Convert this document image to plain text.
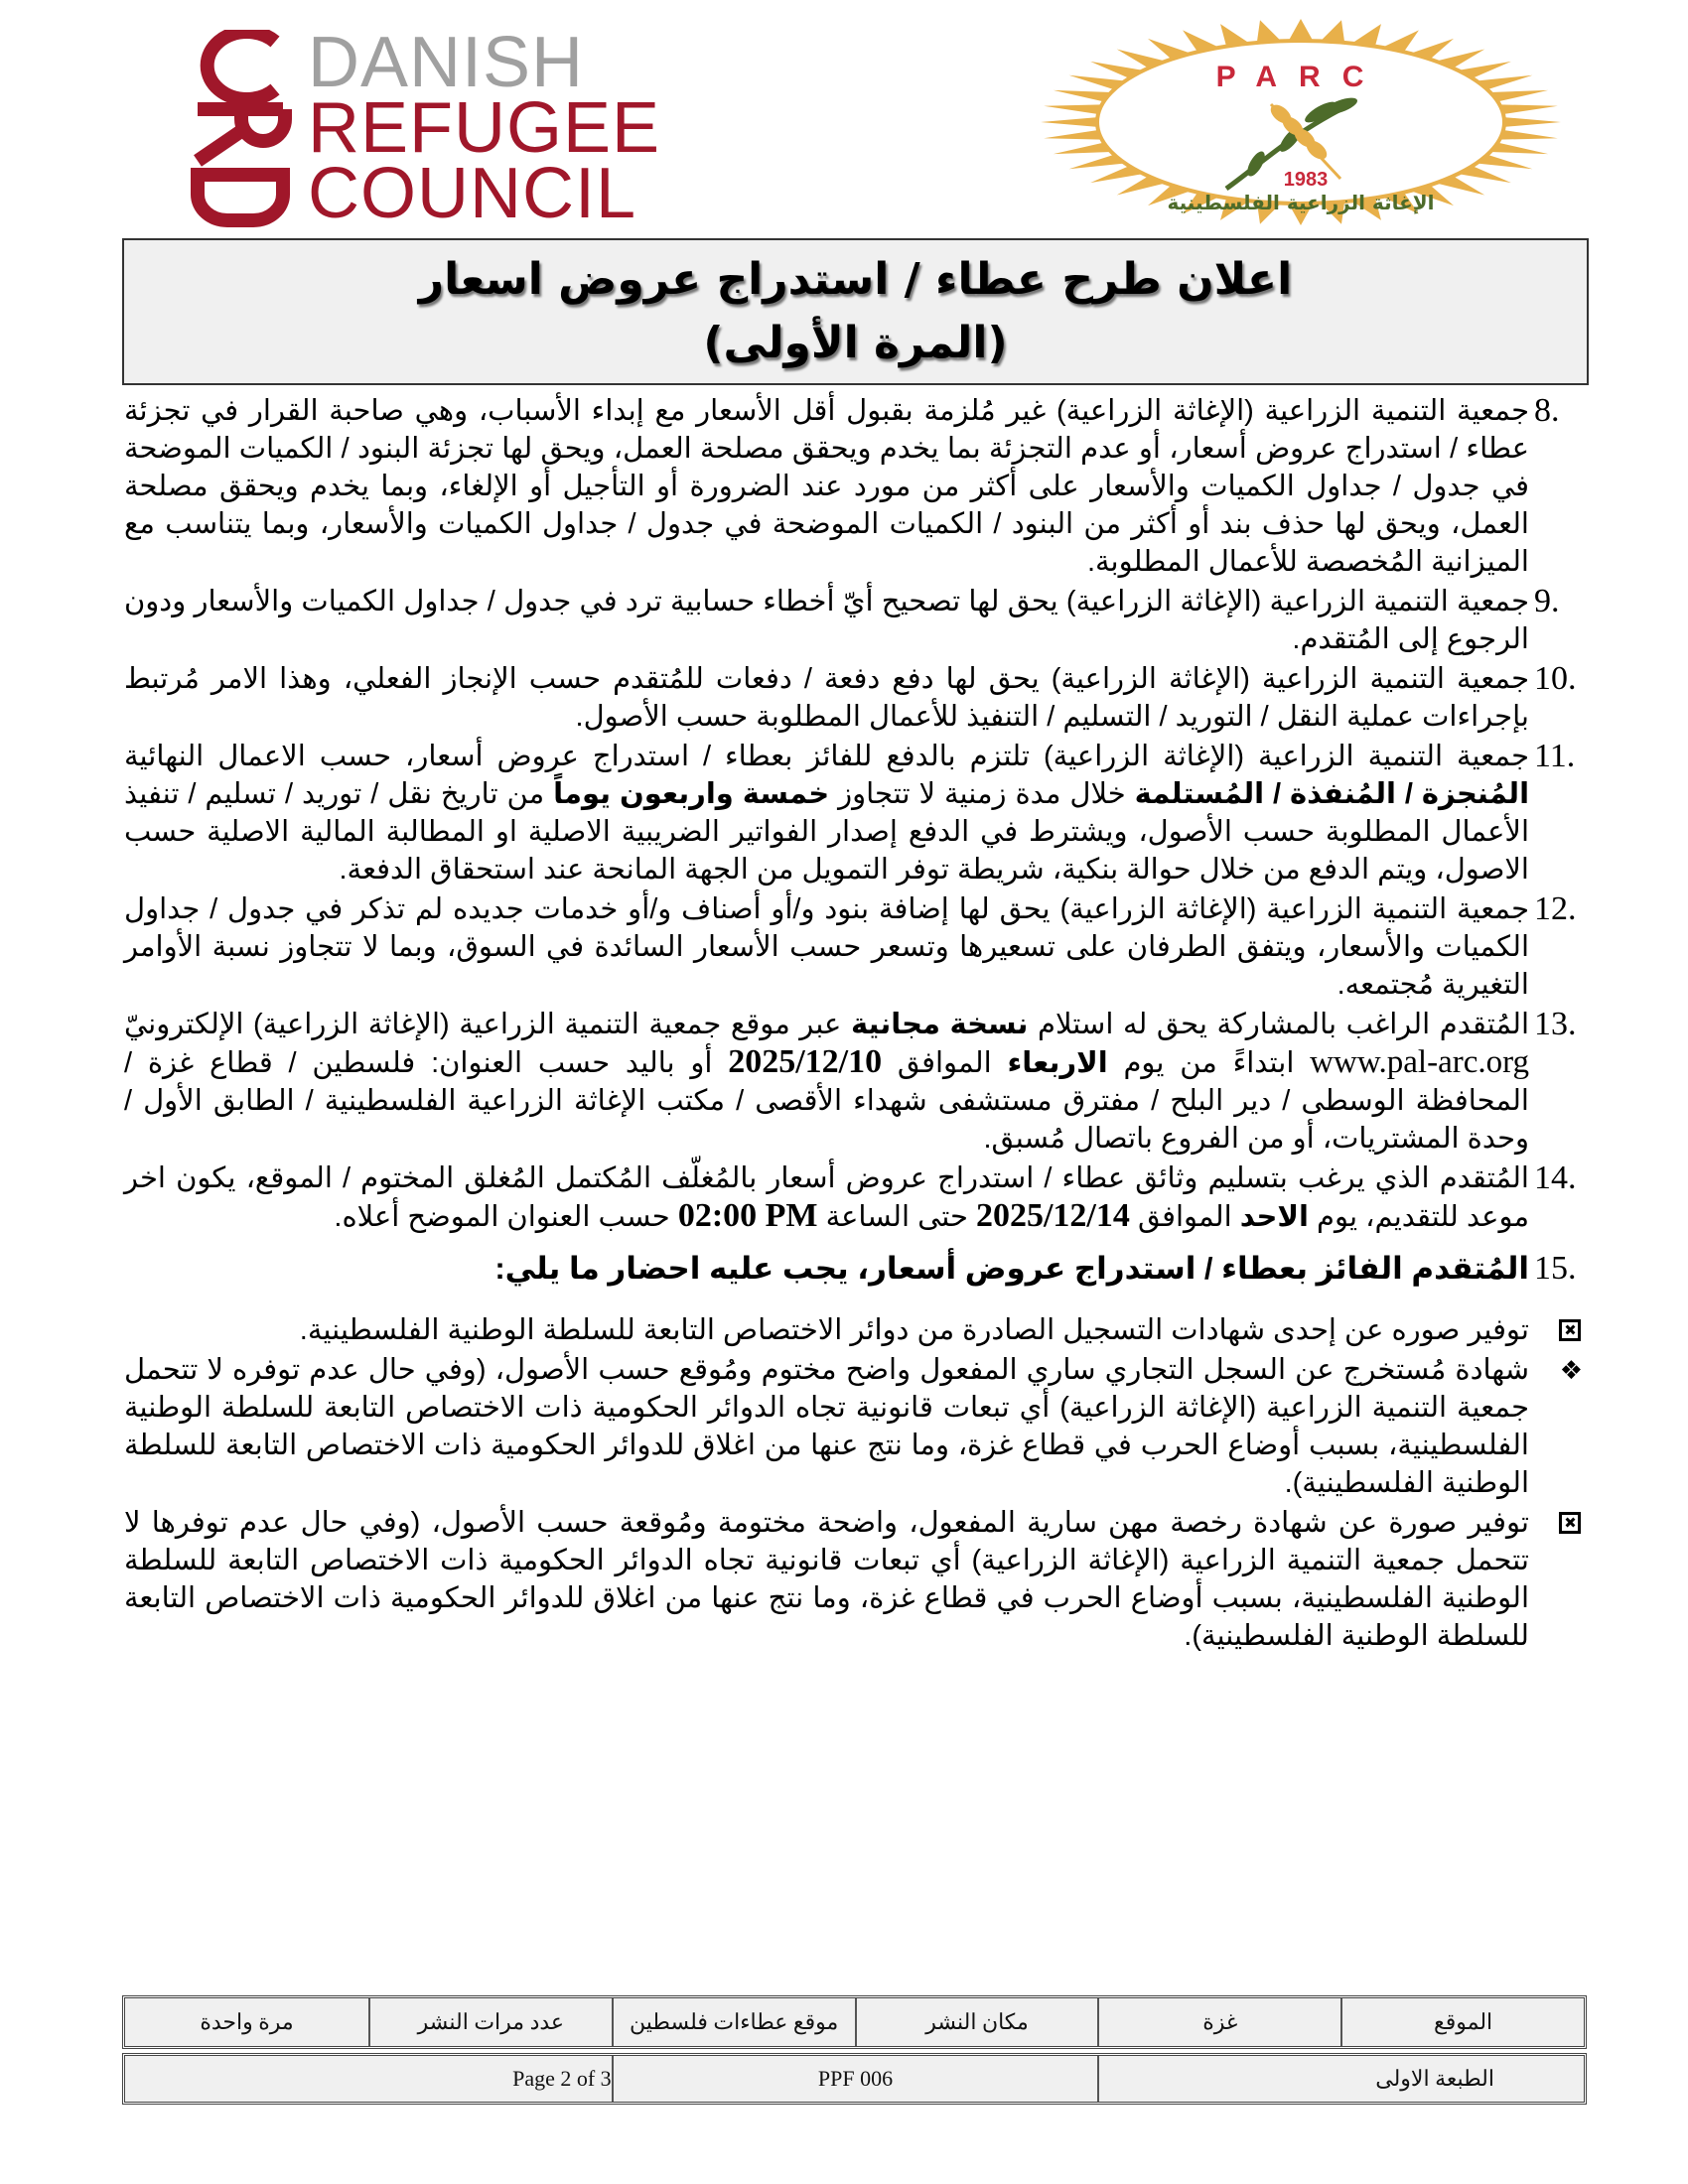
DANISH
REFUGEE
COUNCIL
PARC
1983
الإغاثة الزراعية الفلسطينية
اعلان طرح عطاء / استدراج عروض اسعار
(المرة الأولى)
8.
جمعية التنمية الزراعية (الإغاثة الزراعية) غير مُلزمة بقبول أقل الأسعار مع إبداء الأسباب، وهي صاحبة القرار في تجزئة عطاء / استدراج عروض أسعار، أو عدم التجزئة بما يخدم ويحقق مصلحة العمل، ويحق لها تجزئة البنود / الكميات الموضحة في جدول / جداول الكميات والأسعار على أكثر من مورد عند الضرورة أو التأجيل أو الإلغاء، وبما يخدم ويحقق مصلحة العمل، ويحق لها حذف بند أو أكثر من البنود / الكميات الموضحة في جدول / جداول الكميات والأسعار، وبما يتناسب مع الميزانية المُخصصة للأعمال المطلوبة.
9.
جمعية التنمية الزراعية (الإغاثة الزراعية) يحق لها تصحيح أيّ أخطاء حسابية ترد في جدول / جداول الكميات والأسعار ودون الرجوع إلى المُتقدم.
10.
جمعية التنمية الزراعية (الإغاثة الزراعية) يحق لها دفع دفعة / دفعات للمُتقدم حسب الإنجاز الفعلي، وهذا الامر مُرتبط بإجراءات عملية النقل / التوريد / التسليم / التنفيذ للأعمال المطلوبة حسب الأصول.
11.
جمعية التنمية الزراعية (الإغاثة الزراعية) تلتزم بالدفع للفائز بعطاء / استدراج عروض أسعار، حسب الاعمال النهائية المُنجزة / المُنفذة / المُستلمة خلال مدة زمنية لا تتجاوز خمسة واربعون يوماً من تاريخ نقل / توريد / تسليم / تنفيذ الأعمال المطلوبة حسب الأصول، ويشترط في الدفع إصدار الفواتير الضريبية الاصلية او المطالبة المالية الاصلية حسب الاصول، ويتم الدفع من خلال حوالة بنكية، شريطة توفر التمويل من الجهة المانحة عند استحقاق الدفعة.
12.
جمعية التنمية الزراعية (الإغاثة الزراعية) يحق لها إضافة بنود و/أو أصناف و/أو خدمات جديده لم تذكر في جدول / جداول الكميات والأسعار، ويتفق الطرفان على تسعيرها وتسعر حسب الأسعار السائدة في السوق، وبما لا تتجاوز نسبة الأوامر التغيرية مُجتمعه.
13.
المُتقدم الراغب بالمشاركة يحق له استلام نسخة مجانية عبر موقع جمعية التنمية الزراعية (الإغاثة الزراعية) الإلكترونيّ www.pal-arc.org ابتداءً من يوم الاربعاء الموافق 2025/12/10 أو باليد حسب العنوان: فلسطين / قطاع غزة / المحافظة الوسطى / دير البلح / مفترق مستشفى شهداء الأقصى / مكتب الإغاثة الزراعية الفلسطينية / الطابق الأول / وحدة المشتريات، أو من الفروع باتصال مُسبق.
14.
المُتقدم الذي يرغب بتسليم وثائق عطاء / استدراج عروض أسعار بالمُغلّف المُكتمل المُغلق المختوم / الموقع، يكون اخر موعد للتقديم، يوم الاحد الموافق 2025/12/14 حتى الساعة 02:00 PM حسب العنوان الموضح أعلاه.
15.
المُتقدم الفائز بعطاء / استدراج عروض أسعار، يجب عليه احضار ما يلي:
توفير صوره عن إحدى شهادات التسجيل الصادرة من دوائر الاختصاص التابعة للسلطة الوطنية الفلسطينية.
❖
شهادة مُستخرج عن السجل التجاري ساري المفعول واضح مختوم ومُوقع حسب الأصول، (وفي حال عدم توفره لا تتحمل جمعية التنمية الزراعية (الإغاثة الزراعية) أي تبعات قانونية تجاه الدوائر الحكومية ذات الاختصاص التابعة للسلطة الوطنية الفلسطينية، بسبب أوضاع الحرب في قطاع غزة، وما نتج عنها من اغلاق للدوائر الحكومية ذات الاختصاص التابعة للسلطة الوطنية الفلسطينية).
توفير صورة عن شهادة رخصة مهن سارية المفعول، واضحة مختومة ومُوقعة حسب الأصول، (وفي حال عدم توفرها لا تتحمل جمعية التنمية الزراعية (الإغاثة الزراعية) أي تبعات قانونية تجاه الدوائر الحكومية ذات الاختصاص التابعة للسلطة الوطنية الفلسطينية، بسبب أوضاع الحرب في قطاع غزة، وما نتج عنها من اغلاق للدوائر الحكومية ذات الاختصاص التابعة للسلطة الوطنية الفلسطينية).
الموقع
غزة
مكان النشر
موقع عطاءات فلسطين
عدد مرات النشر
مرة واحدة
الطبعة الاولى
PPF 006
Page 2 of 3
